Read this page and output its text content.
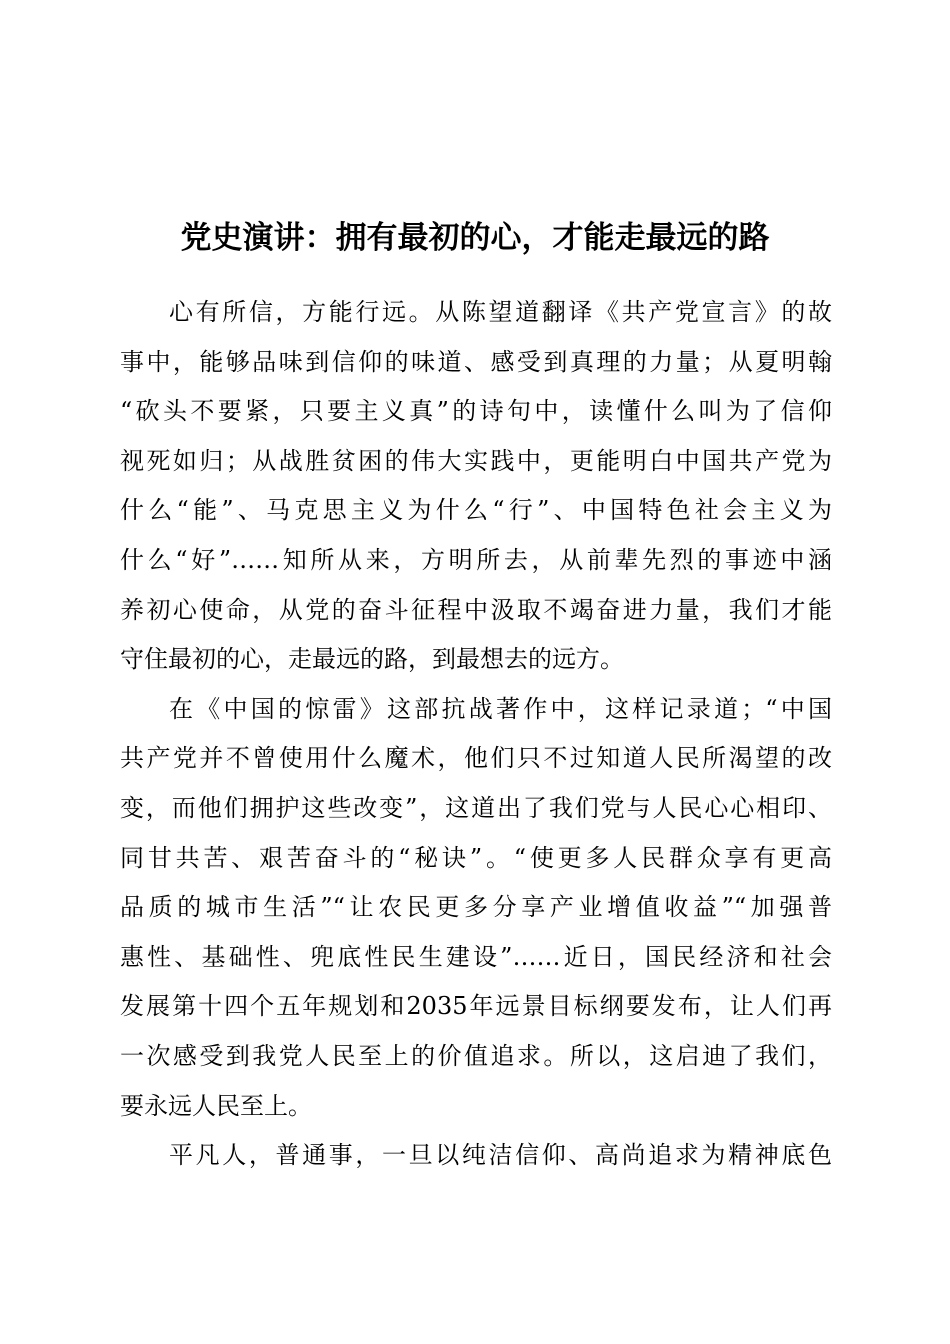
党史演讲：拥有最初的心，才能走最远的路
心有所信，方能行远。从陈望道翻译《共产党宣言》的故
事中，能够品味到信仰的味道、感受到真理的力量；从夏明翰
“砍头不要紧，只要主义真”的诗句中，读懂什么叫为了信仰
视死如归；从战胜贫困的伟大实践中，更能明白中国共产党为
什么“能”、马克思主义为什么“行”、中国特色社会主义为
什么“好”……知所从来，方明所去，从前辈先烈的事迹中涵
养初心使命，从党的奋斗征程中汲取不竭奋进力量，我们才能
守住最初的心，走最远的路，到最想去的远方。
在《中国的惊雷》这部抗战著作中，这样记录道；“中国
共产党并不曾使用什么魔术，他们只不过知道人民所渴望的改
变，而他们拥护这些改变”，这道出了我们党与人民心心相印、
同甘共苦、艰苦奋斗的“秘诀”。“使更多人民群众享有更高
品质的城市生活”“让农民更多分享产业增值收益”“加强普
惠性、基础性、兜底性民生建设”……近日，国民经济和社会
发展第十四个五年规划和2035年远景目标纲要发布，让人们再
一次感受到我党人民至上的价值追求。所以，这启迪了我们，
要永远人民至上。
平凡人，普通事，一旦以纯洁信仰、高尚追求为精神底色
